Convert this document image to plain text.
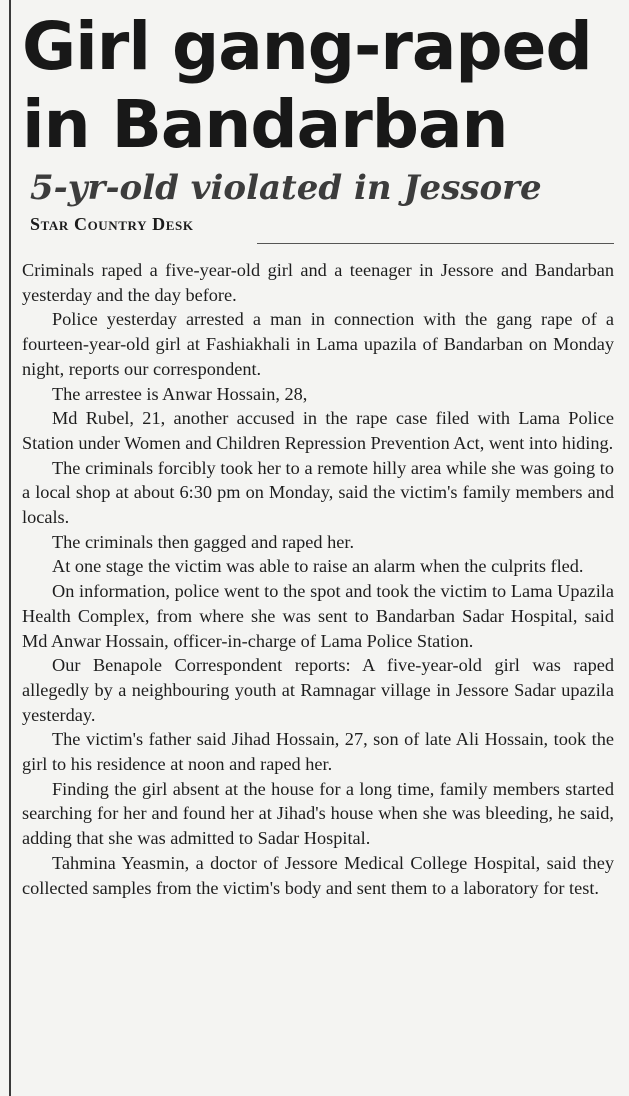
Girl gang-raped in Bandarban
5-yr-old violated in Jessore
Star Country Desk

Criminals raped a five-year-old girl and a teenager in Jessore and Bandarban yesterday and the day before.

Police yesterday arrested a man in connection with the gang rape of a fourteen-year-old girl at Fashiakhali in Lama upazila of Bandarban on Monday night, reports our correspondent.

The arrestee is Anwar Hossain, 28,

Md Rubel, 21, another accused in the rape case filed with Lama Police Station under Women and Children Repression Prevention Act, went into hiding.

The criminals forcibly took her to a remote hilly area while she was going to a local shop at about 6:30 pm on Monday, said the victim's family members and locals.

The criminals then gagged and raped her.

At one stage the victim was able to raise an alarm when the culprits fled.

On information, police went to the spot and took the victim to Lama Upazila Health Complex, from where she was sent to Bandarban Sadar Hospital, said Md Anwar Hossain, officer-in-charge of Lama Police Station.

Our Benapole Correspondent reports: A five-year-old girl was raped allegedly by a neighbouring youth at Ramnagar village in Jessore Sadar upazila yesterday.

The victim's father said Jihad Hossain, 27, son of late Ali Hossain, took the girl to his residence at noon and raped her.

Finding the girl absent at the house for a long time, family members started searching for her and found her at Jihad's house when she was bleeding, he said, adding that she was admitted to Sadar Hospital.

Tahmina Yeasmin, a doctor of Jessore Medical College Hospital, said they collected samples from the victim's body and sent them to a laboratory for test.
